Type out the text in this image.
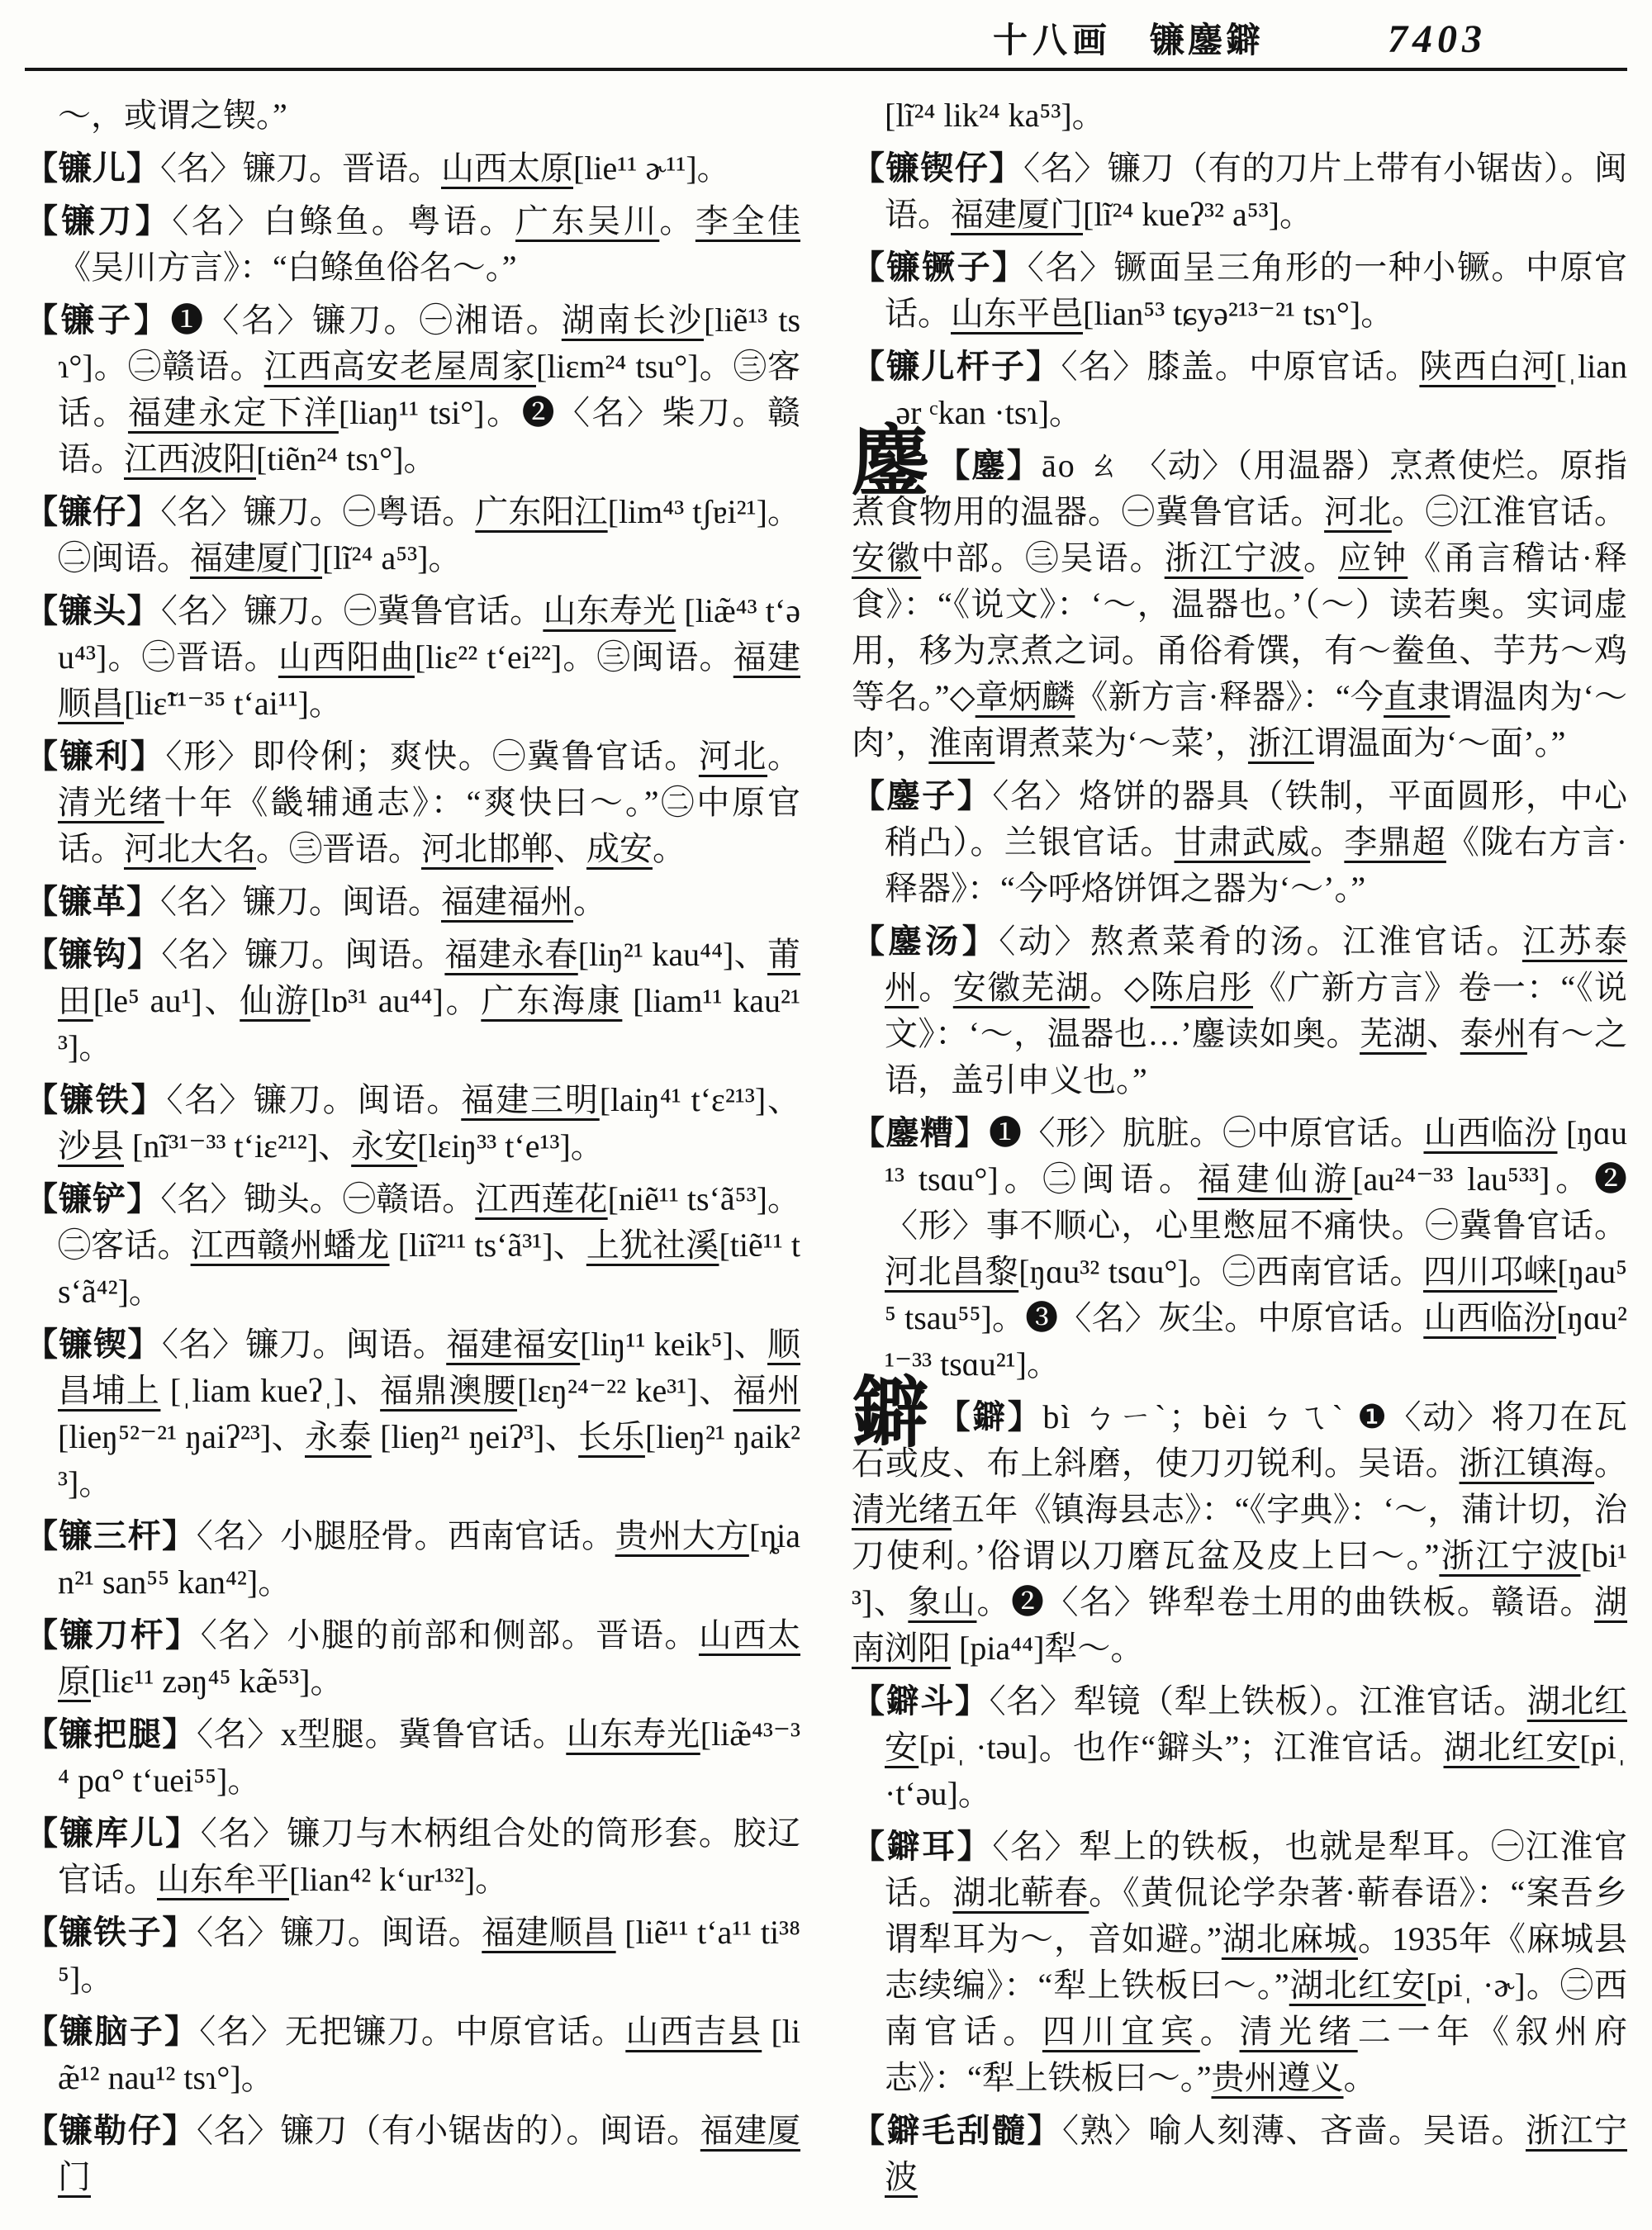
十八画 镰鏖鐴	7403

～，或谓之锲。”

【镰儿】〈名〉镰刀。晋语。山西太原[lie¹¹ ɚ¹¹]。

【镰刀】〈名〉白鲦鱼。粤语。广东吴川。李全佳《吴川方言》：“白鲦鱼俗名～。”

【镰子】❶〈名〉镰刀。㊀湘语。湖南长沙[liẽ¹³ tsɿ°]。㊁赣语。江西高安老屋周家[liɛm²⁴ tsu°]。㊂客话。福建永定下洋[liaŋ¹¹ tsi°]。❷〈名〉柴刀。赣语。江西波阳[tiẽn²⁴ tsɿ°]。

【镰仔】〈名〉镰刀。㊀粤语。广东阳江[lim⁴³ tʃɐi²¹]。㊁闽语。福建厦门[lĩ²⁴ a⁵³]。

【镰头】〈名〉镰刀。㊀冀鲁官话。山东寿光 [liæ̃⁴³ t‘əu⁴³]。㊁晋语。山西阳曲[liɛ²² t‘ei²²]。㊂闽语。福建顺昌[liɛ̃¹¹⁻³⁵ t‘ai¹¹]。

【镰利】〈形〉即伶俐；爽快。㊀冀鲁官话。河北。清光绪十年《畿辅通志》：“爽快曰～。”㊁中原官话。河北大名。㊂晋语。河北邯郸、成安。

【镰革】〈名〉镰刀。闽语。福建福州。

【镰钩】〈名〉镰刀。闽语。福建永春[liŋ²¹ kau⁴⁴]、莆田[le⁵ au¹]、仙游[lɒ³¹ au⁴⁴]。广东海康 [liam¹¹ kau²¹³]。

【镰铁】〈名〉镰刀。闽语。福建三明[laiŋ⁴¹ t‘ɛ²¹³]、沙县 [nĩ³¹⁻³³ t‘iɛ²¹²]、永安[lɛiŋ³³ t‘e¹³]。

【镰铲】〈名〉锄头。㊀赣语。江西莲花[niẽ¹¹ ts‘ã⁵³]。㊁客话。江西赣州蟠龙 [liĩ²¹¹ ts‘ã³¹]、上犹社溪[tiẽ¹¹ ts‘ã⁴²]。

【镰锲】〈名〉镰刀。闽语。福建福安[liŋ¹¹ keik⁵]、顺昌埔上 [ˌliam kueʔˌ]、福鼎澳腰[lɛŋ²⁴⁻²² ke³¹]、福州[lieŋ⁵²⁻²¹ ŋaiʔ²³]、永泰 [lieŋ²¹ ŋeiʔ³]、长乐[lieŋ²¹ ŋaik²³]。

【镰三杆】〈名〉小腿胫骨。西南官话。贵州大方[ȵian²¹ san⁵⁵ kan⁴²]。

【镰刀杆】〈名〉小腿的前部和侧部。晋语。山西太原[liɛ¹¹ zəŋ⁴⁵ kæ̃⁵³]。

【镰把腿】〈名〉x型腿。冀鲁官话。山东寿光[liæ̃⁴³⁻³⁴ pɑ° t‘uei⁵⁵]。

【镰库儿】〈名〉镰刀与木柄组合处的筒形套。胶辽官话。山东牟平[lian⁴² k‘ur¹³²]。

【镰铁子】〈名〉镰刀。闽语。福建顺昌 [liẽ¹¹ t‘a¹¹ ti³⁸⁵]。

【镰脑子】〈名〉无把镰刀。中原官话。山西吉县 [liæ̃¹² nau¹² tsɿ°]。

【镰勒仔】〈名〉镰刀（有小锯齿的）。闽语。福建厦门

[lĩ²⁴ lik²⁴ ka⁵³]。

【镰锲仔】〈名〉镰刀（有的刀片上带有小锯齿）。闽语。福建厦门[lĩ²⁴ kueʔ³² a⁵³]。

【镰镢子】〈名〉镢面呈三角形的一种小镢。中原官话。山东平邑[lian⁵³ tɕyə²¹³⁻²¹ tsɿ°]。

【镰儿杆子】〈名〉膝盖。中原官话。陕西白河[ˌlian ˌər ᶜkan ·tsɿ]。

鏖 【鏖】āo ㄠ 〈动〉（用温器）烹煮使烂。原指煮食物用的温器。㊀冀鲁官话。河北。㊁江淮官话。安徽中部。㊂吴语。浙江宁波。应钟《甬言稽诂·释食》：“《说文》：‘～，温器也。’（～）读若奥。实词虚用，移为烹煮之词。甬俗肴馔，有～鲞鱼、芋艿～鸡等名。”◇章炳麟《新方言·释器》：“今直隶谓温肉为‘～肉’，淮南谓煮菜为‘～菜’，浙江谓温面为‘～面’。”

【鏖子】〈名〉烙饼的器具（铁制，平面圆形，中心稍凸）。兰银官话。甘肃武威。李鼎超《陇右方言·释器》：“今呼烙饼饵之器为‘～’。”

【鏖汤】〈动〉熬煮菜肴的汤。江淮官话。江苏泰州。安徽芜湖。◇陈启彤《广新方言》卷一：“《说文》：‘～，温器也…’鏖读如奥。芜湖、泰州有～之语，盖引申义也。”

【鏖糟】❶〈形〉肮脏。㊀中原官话。山西临汾 [ŋɑu¹³ tsɑu°]。㊁闽语。福建仙游[au²⁴⁻³³ lau⁵³³]。❷〈形〉事不顺心，心里憋屈不痛快。㊀冀鲁官话。河北昌黎[ŋɑu³² tsɑu°]。㊁西南官话。四川邛崃[ŋau⁵⁵ tsau⁵⁵]。❸〈名〉灰尘。中原官话。山西临汾[ŋɑu²¹⁻³³ tsɑu²¹]。

鐴 【鐴】bì ㄅㄧˋ；bèi ㄅㄟˋ ❶〈动〉将刀在瓦石或皮、布上斜磨，使刀刃锐利。吴语。浙江镇海。清光绪五年《镇海县志》：“《字典》：‘～，蒲计切，治刀使利。’俗谓以刀磨瓦盆及皮上曰～。”浙江宁波[bi¹³]、象山。❷〈名〉铧犁卷土用的曲铁板。赣语。湖南浏阳 [pia⁴⁴]犁～。

【鐴斗】〈名〉犁镜（犁上铁板）。江淮官话。湖北红安[piˌ ·təu]。也作“鐴头”；江淮官话。湖北红安[piˌ ·t‘əu]。

【鐴耳】〈名〉犁上的铁板，也就是犁耳。㊀江淮官话。湖北蕲春。《黄侃论学杂著·蕲春语》：“案吾乡谓犁耳为～，音如避。”湖北麻城。1935年《麻城县志续编》：“犁上铁板曰～。”湖北红安[piˌ ·ɚ]。㊁西南官话。四川宜宾。清光绪二一年《叙州府志》：“犁上铁板曰～。”贵州遵义。

【鐴毛刮髓】〈熟〉喻人刻薄、吝啬。吴语。浙江宁波
